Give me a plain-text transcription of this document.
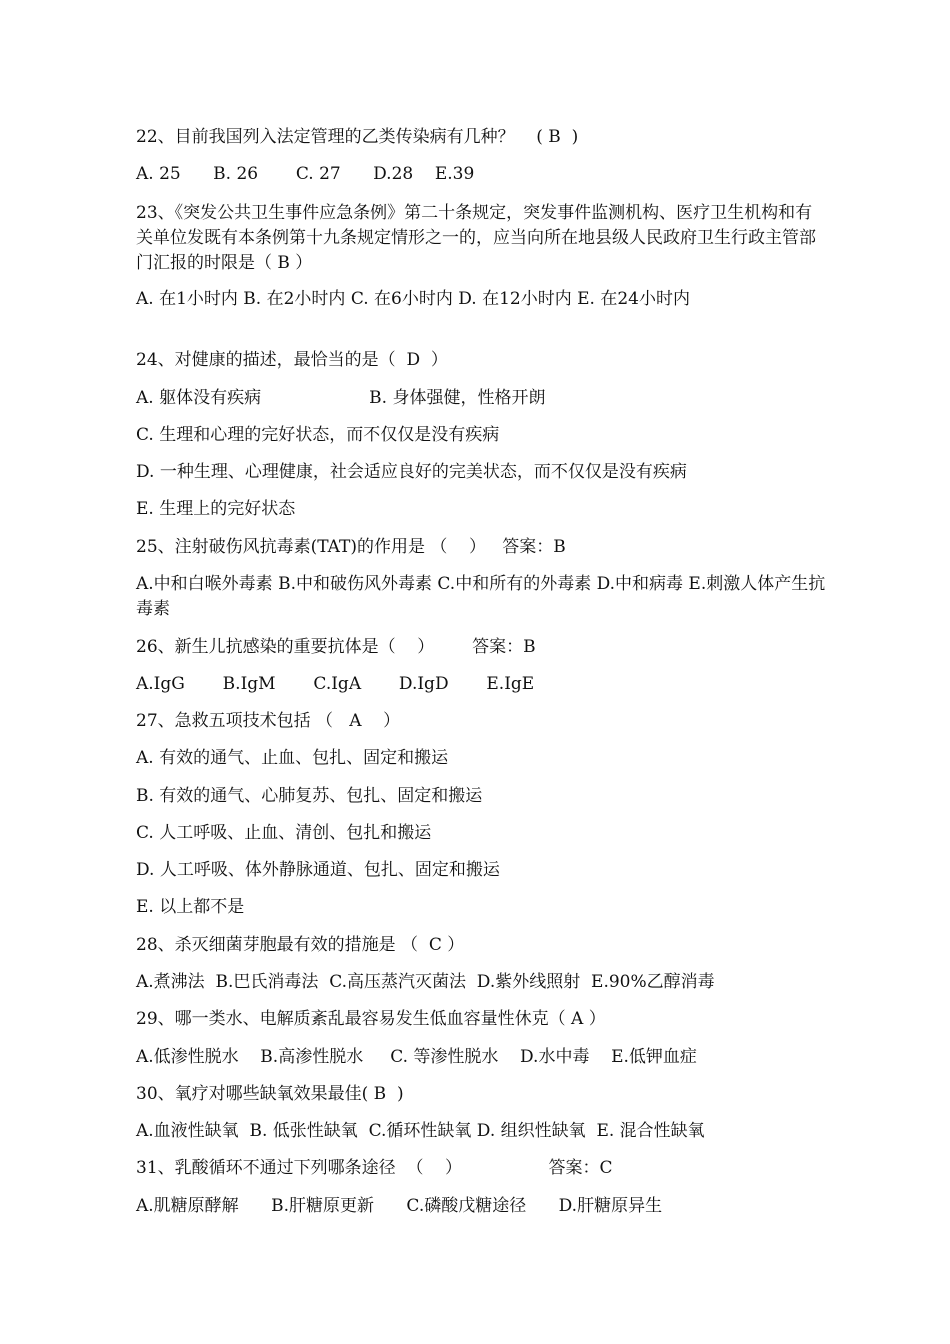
22、目前我国列入法定管理的乙类传染病有几种？    ( B  )
A. 25      B. 26       C. 27      D.28    E.39
23、《突发公共卫生事件应急条例》第二十条规定，突发事件监测机构、医疗卫生机构和有关单位发既有本条例第十九条规定情形之一的，应当向所在地县级人民政府卫生行政主管部门汇报的时限是（ B ）
A. 在1小时内 B. 在2小时内 C. 在6小时内 D. 在12小时内 E. 在24小时内
24、对健康的描述，最恰当的是（  D  ）
A. 躯体没有疾病                    B. 身体强健，性格开朗
C. 生理和心理的完好状态，而不仅仅是没有疾病
D. 一种生理、心理健康，社会适应良好的完美状态，而不仅仅是没有疾病
E. 生理上的完好状态
25、注射破伤风抗毒素(TAT)的作用是 （    ）   答案：B
A.中和白喉外毒素 B.中和破伤风外毒素 C.中和所有的外毒素 D.中和病毒 E.刺激人体产生抗毒素
26、新生儿抗感染的重要抗体是（    ）       答案：B
A.IgG       B.IgM       C.IgA       D.IgD       E.IgE
27、急救五项技术包括 （   A    ）
A. 有效的通气、止血、包扎、固定和搬运
B. 有效的通气、心肺复苏、包扎、固定和搬运
C. 人工呼吸、止血、清创、包扎和搬运
D. 人工呼吸、体外静脉通道、包扎、固定和搬运
E. 以上都不是
28、杀灭细菌芽胞最有效的措施是 （  C ）
A.煮沸法  B.巴氏消毒法  C.高压蒸汽灭菌法  D.紫外线照射  E.90%乙醇消毒
29、哪一类水、电解质紊乱最容易发生低血容量性休克（ A ）
A.低渗性脱水    B.高渗性脱水     C. 等渗性脱水    D.水中毒    E.低钾血症
30、氧疗对哪些缺氧效果最佳( B  )
A.血液性缺氧  B. 低张性缺氧  C.循环性缺氧 D. 组织性缺氧  E. 混合性缺氧
31、乳酸循环不通过下列哪条途径  （    ）                答案：C
A.肌糖原酵解      B.肝糖原更新      C.磷酸戊糖途径      D.肝糖原异生
